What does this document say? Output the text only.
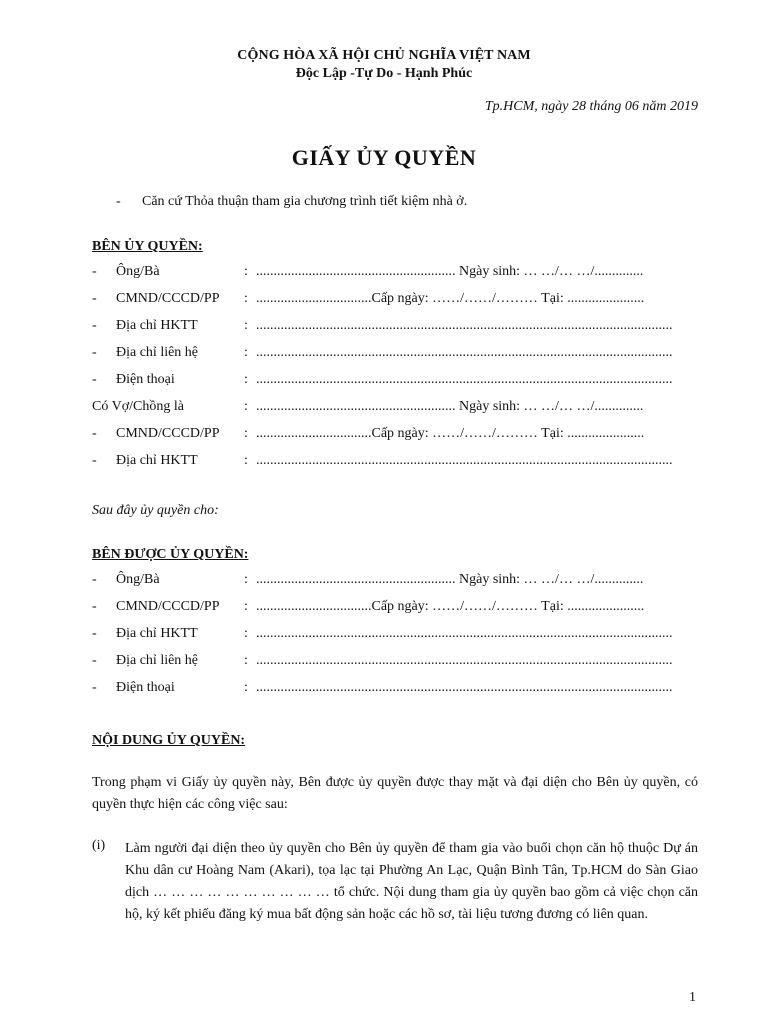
CỘNG HÒA XÃ HỘI CHỦ NGHĨA VIỆT NAM
Độc Lập -Tự Do - Hạnh Phúc
Tp.HCM, ngày 28 tháng 06 năm 2019
GIẤY ỦY QUYỀN
- Căn cứ Thỏa thuận tham gia chương trình tiết kiệm nhà ở.
BÊN ỦY QUYỀN:
- Ông/Bà	: ......................................................... Ngày sinh: … …/… …/..............
- CMND/CCCD/PP : .................................Cấp ngày: ……/……/……… Tại: ......................
- Địa chỉ HKTT	: .......................................................................................................................
- Địa chỉ liên hệ	: .......................................................................................................................
- Điện thoại	: .......................................................................................................................
Có Vợ/Chồng là	: ......................................................... Ngày sinh: … …/… …/..............
- CMND/CCCD/PP : .................................Cấp ngày: ……/……/……… Tại: ......................
- Địa chỉ HKTT	: .......................................................................................................................
Sau đây ủy quyền cho:
BÊN ĐƯỢC ỦY QUYỀN:
- Ông/Bà	: ......................................................... Ngày sinh: … …/… …/..............
- CMND/CCCD/PP : .................................Cấp ngày: ……/……/……… Tại: ......................
- Địa chỉ HKTT	: .......................................................................................................................
- Địa chỉ liên hệ	: .......................................................................................................................
- Điện thoại	: .......................................................................................................................
NỘI DUNG ỦY QUYỀN:
Trong phạm vi Giấy ủy quyền này, Bên được ủy quyền được thay mặt và đại diện cho Bên ủy quyền, có quyền thực hiện các công việc sau:
(i) Làm người đại diện theo ủy quyền cho Bên ủy quyền để tham gia vào buổi chọn căn hộ thuộc Dự án Khu dân cư Hoàng Nam (Akari), tọa lạc tại Phường An Lạc, Quận Bình Tân, Tp.HCM do Sàn Giao dịch … … … … … … … … … … tổ chức. Nội dung tham gia ủy quyền bao gồm cả việc chọn căn hộ, ký kết phiếu đăng ký mua bất động sản hoặc các hồ sơ, tài liệu tương đương có liên quan.
1
